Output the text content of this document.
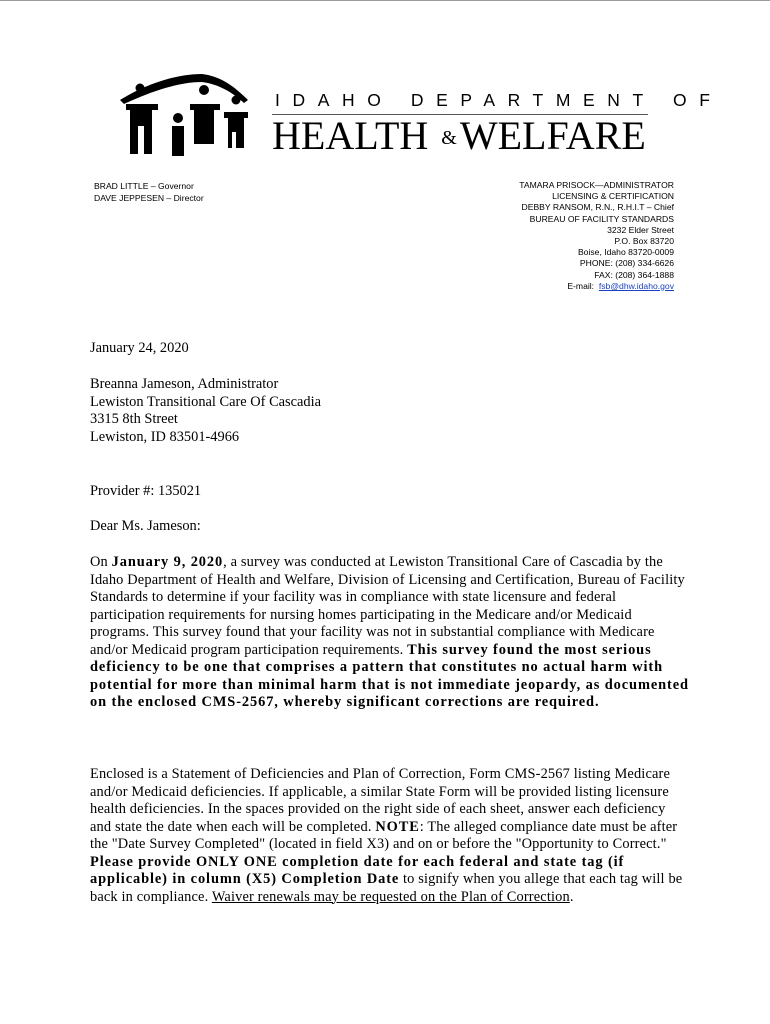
IDAHO DEPARTMENT OF
HEALTH &WELFARE
BRAD LITTLE – Governor
DAVE JEPPESEN – Director
TAMARA PRISOCK—ADMINISTRATOR
LICENSING & CERTIFICATION
DEBBY RANSOM, R.N., R.H.I.T – Chief
BUREAU OF FACILITY STANDARDS
3232 Elder Street
P.O. Box 83720
Boise, Idaho 83720-0009
PHONE: (208) 334-6626
FAX: (208) 364-1888
E-mail: fsb@dhw.idaho.gov
January 24, 2020
Breanna Jameson, Administrator
Lewiston Transitional Care Of Cascadia
3315 8th Street
Lewiston, ID 83501-4966
Provider #: 135021
Dear Ms. Jameson:

On January 9, 2020, a survey was conducted at Lewiston Transitional Care of Cascadia by the Idaho Department of Health and Welfare, Division of Licensing and Certification, Bureau of Facility Standards to determine if your facility was in compliance with state licensure and federal participation requirements for nursing homes participating in the Medicare and/or Medicaid programs. This survey found that your facility was not in substantial compliance with Medicare and/or Medicaid program participation requirements. This survey found the most serious deficiency to be one that comprises a pattern that constitutes no actual harm with potential for more than minimal harm that is not immediate jeopardy, as documented on the enclosed CMS-2567, whereby significant corrections are required.

Enclosed is a Statement of Deficiencies and Plan of Correction, Form CMS-2567 listing Medicare and/or Medicaid deficiencies. If applicable, a similar State Form will be provided listing licensure health deficiencies. In the spaces provided on the right side of each sheet, answer each deficiency and state the date when each will be completed. NOTE: The alleged compliance date must be after the "Date Survey Completed" (located in field X3) and on or before the "Opportunity to Correct." Please provide ONLY ONE completion date for each federal and state tag (if applicable) in column (X5) Completion Date to signify when you allege that each tag will be back in compliance. Waiver renewals may be requested on the Plan of Correction.
